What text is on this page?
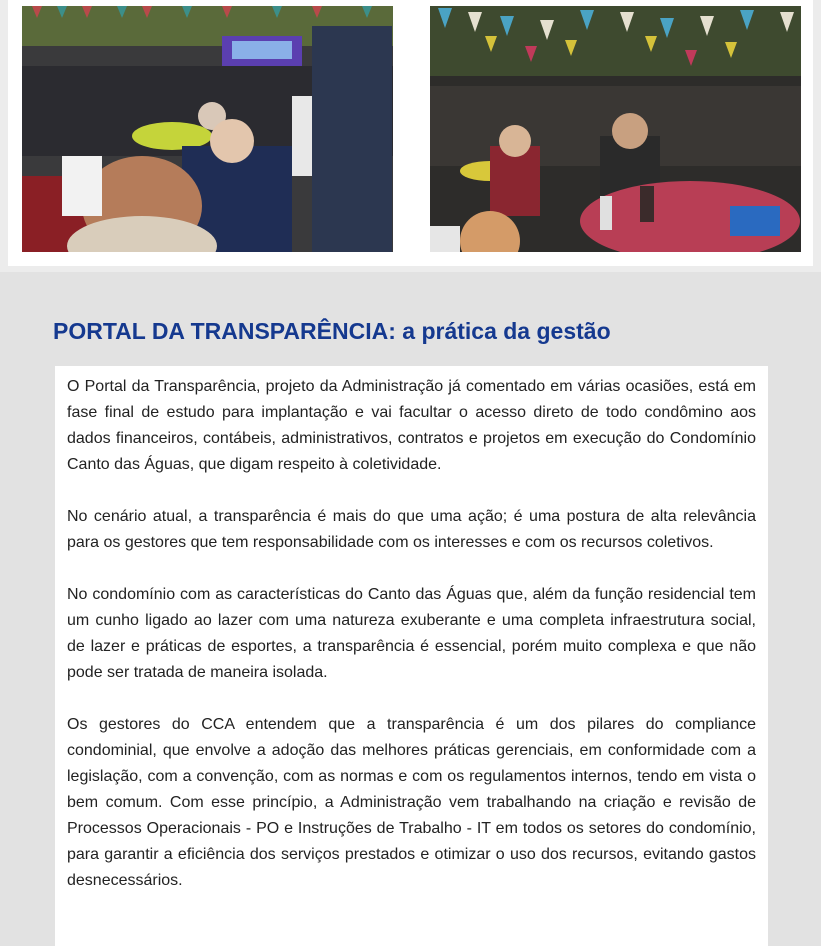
PORTAL DA TRANSPARÊNCIA: a prática da gestão

O Portal da Transparência, projeto da Administração já comentado em várias ocasiões, está em fase final de estudo para implantação e vai facultar o acesso direto de todo condômino aos dados financeiros, contábeis, administrativos, contratos e projetos em execução do Condomínio Canto das Águas, que digam respeito à coletividade.

No cenário atual, a transparência é mais do que uma ação; é uma postura de alta relevância para os gestores que tem responsabilidade com os interesses e com os recursos coletivos.

No condomínio com as características do Canto das Águas que, além da função residencial tem um cunho ligado ao lazer com uma natureza exuberante e uma completa infraestrutura social, de lazer e práticas de esportes, a transparência é essencial, porém muito complexa e que não pode ser tratada de maneira isolada.

Os gestores do CCA entendem que a transparência é um dos pilares do compliance condominial, que envolve a adoção das melhores práticas gerenciais, em conformidade com a legislação, com a convenção, com as normas e com os regulamentos internos, tendo em vista o bem comum. Com esse princípio, a Administração vem trabalhando na criação e revisão de Processos Operacionais - PO e Instruções de Trabalho - IT em todos os setores do condomínio, para garantir a eficiência dos serviços prestados e otimizar o uso dos recursos, evitando gastos desnecessários.
